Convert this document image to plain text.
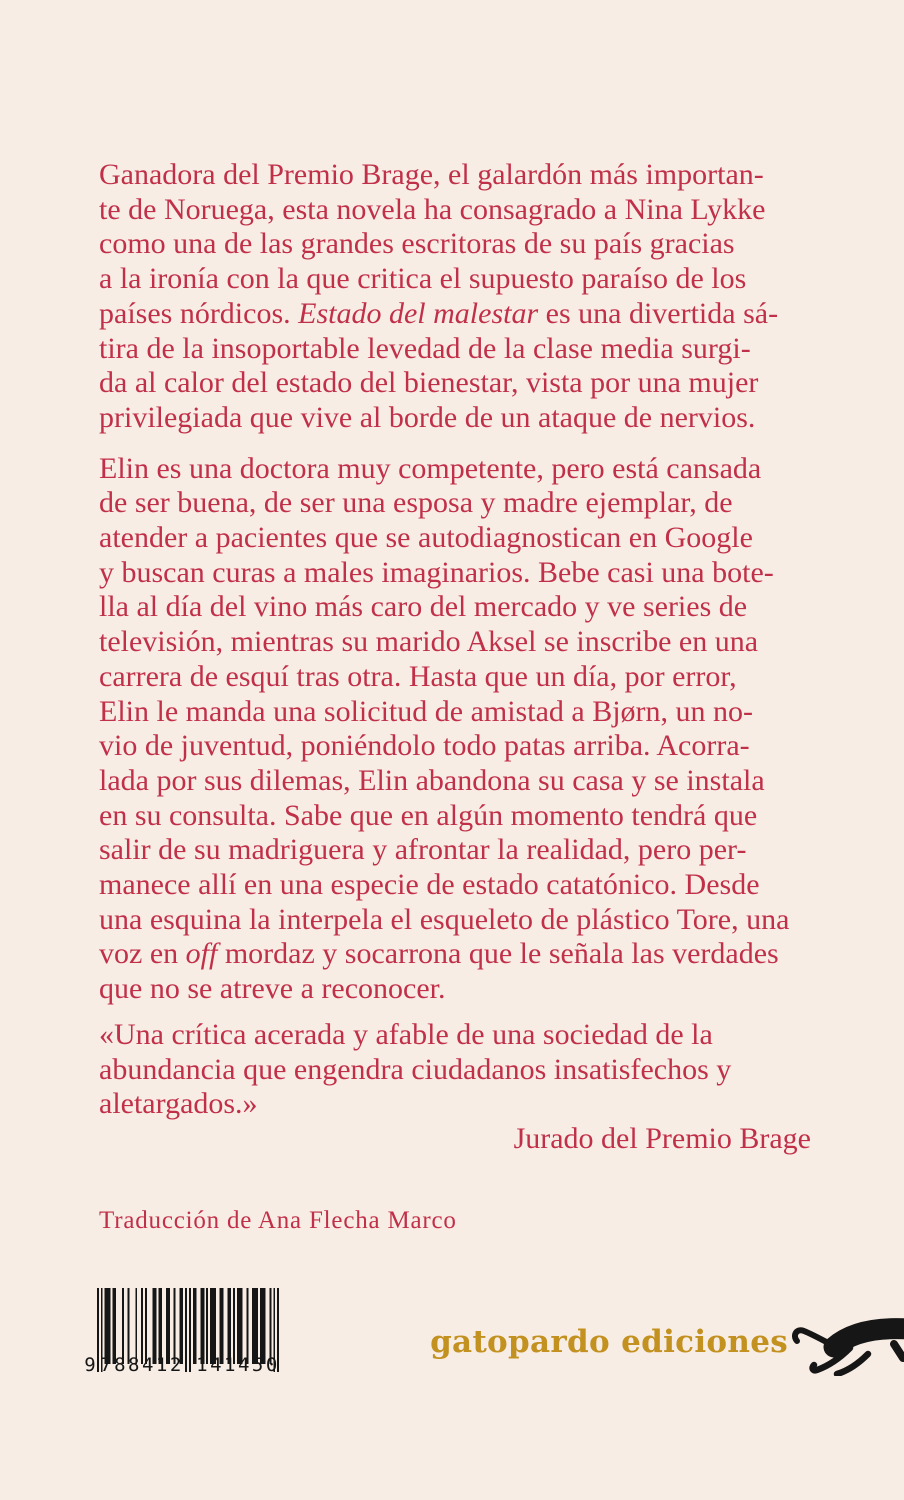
Ganadora del Premio Brage, el galardón más importan-
te de Noruega, esta novela ha consagrado a Nina Lykke
como una de las grandes escritoras de su país gracias
a la ironía con la que critica el supuesto paraíso de los
países nórdicos. Estado del malestar es una divertida sá-
tira de la insoportable levedad de la clase media surgi-
da al calor del estado del bienestar, vista por una mujer
privilegiada que vive al borde de un ataque de nervios.
Elin es una doctora muy competente, pero está cansada
de ser buena, de ser una esposa y madre ejemplar, de
atender a pacientes que se autodiagnostican en Google
y buscan curas a males imaginarios. Bebe casi una bote-
lla al día del vino más caro del mercado y ve series de
televisión, mientras su marido Aksel se inscribe en una
carrera de esquí tras otra. Hasta que un día, por error,
Elin le manda una solicitud de amistad a Bjørn, un no-
vio de juventud, poniéndolo todo patas arriba. Acorra-
lada por sus dilemas, Elin abandona su casa y se instala
en su consulta. Sabe que en algún momento tendrá que
salir de su madriguera y afrontar la realidad, pero per-
manece allí en una especie de estado catatónico. Desde
una esquina la interpela el esqueleto de plástico Tore, una
voz en off mordaz y socarrona que le señala las verdades
que no se atreve a reconocer.
«Una crítica acerada y afable de una sociedad de la
abundancia que engendra ciudadanos insatisfechos y
aletargados.»
Jurado del Premio Brage
Traducción de Ana Flecha Marco
9 788412 141450
gatopardo ediciones
